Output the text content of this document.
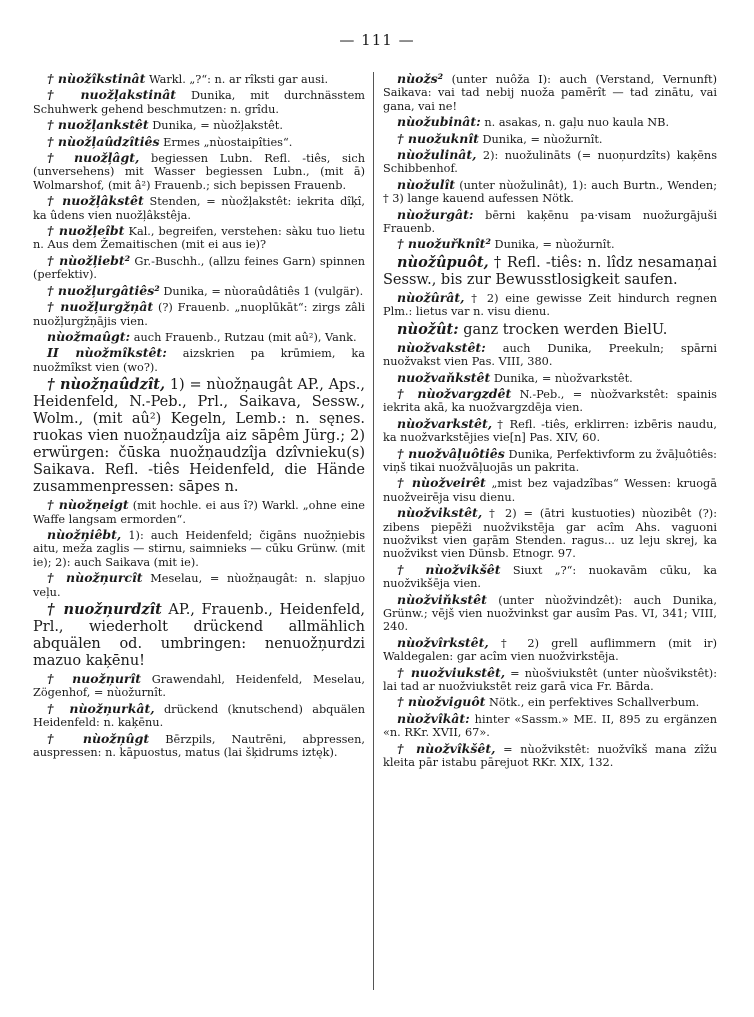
— 111 —

† nùožîkstinât Warkl. „?“: n. ar rîksti gar ausi.

† nuožļakstinât Dunika, mit durchnässtem Schuhwerk gehend beschmutzen: n. grîdu.

† nuožļankstêt Dunika, = nùožļakstêt.

† nùožļaûdzîtiês Ermes „nùostaipîties“.

† nuožļâgt, begiessen Lubn. Refl. -tiês, sich (unversehens) mit Wasser begiessen Lubn., (mit ā) Wolmarshof, (mit â²) Frauenb.; sich bepissen Frauenb.

† nuožļâkstêt Stenden, = nùožļakstêt: iekrita dîķî, ka ûdens vien nuožļâkstêja.

† nuožļeîbt Kal., begreifen, verstehen: sàku tuo lietu n. Aus dem Žemaitischen (mit ei aus ie)?

† nùožļiebt² Gr.-Buschh., (allzu feines Garn) spinnen (perfektiv).

† nuožļurgâtiês² Dunika, = nùoraûdâtiês 1 (vulgär).

† nuožļurgžņât (?) Frauenb. „nuoplūkāt“: zirgs zâli nuožļurgžņājis vien.

nùožmaûgt: auch Frauenb., Rutzau (mit aû²), Vank.

II nùožmîkstêt: aizskrien pa krūmiem, ka nuožmîkst vien (wo?).

† nùožņaûdzît, 1) = nùožņaugât AP., Aps., Heidenfeld, N.-Peb., Prl., Saikava, Sessw., Wolm., (mit aû²) Kegeln, Lemb.: n. sęnes. ruokas vien nuožņaudzîja aiz sāpêm Jürg.; 2) erwürgen: čūska nuožņaudzîja dzîvnieku(s) Saikava. Refl. -tiês Heidenfeld, die Hände zusammenpressen: sāpes n.

† nùožņeigt (mit hochle. ei aus î?) Warkl. „ohne eine Waffe langsam ermorden“.

nùožņiêbt, 1): auch Heidenfeld; čigāns nuožņiebis aitu, meža zaglis — stirnu, saimnieks — cūku Grünw. (mit ie); 2): auch Saikava (mit ie).

† nùožņurcît Meselau, = nùožņaugât: n. slapjuo veļu.

† nuožņurdzît AP., Frauenb., Heidenfeld, Prl., wiederholt drückend allmählich abquälen od. umbringen: nenuožņurdzi mazuo kaķēnu!

† nuožņurît Grawendahl, Heidenfeld, Meselau, Zögenhof, = nùožurnît.

† nùožņurkât, drückend (knutschend) abquälen Heidenfeld: n. kaķēnu.

† nùožņûgt Bērzpils, Nautrēni, abpressen, auspressen: n. kāpuostus, matus (lai šķidrums iztęk).

nùožs² (unter nuôža I): auch (Verstand, Vernunft) Saikava: vai tad nebij nuoža pamērît — tad zinātu, vai gana, vai ne!

nùožubinât: n. asakas, n. gaļu nuo kaula NB.

† nuožuknît Dunika, = nùožurnît.

nùožulinât, 2): nuožulināts (= nuoņurdzîts) kaķēns Schibbenhof.

nùožulît (unter nùožulinât), 1): auch Burtn., Wenden; † 3) lange kauend aufessen Nötk.

nùožurgât: bērni kaķēnu pa·visam nuožurgājuši Frauenb.

† nuožuřknît² Dunika, = nùožurnît.

nùožûpuôt, † Refl. -tiês: n. lîdz nesamaņai Sessw., bis zur Bewusstlosigkeit saufen.

nùožûrât, † 2) eine gewisse Zeit hindurch regnen Plm.: lietus var n. visu dienu.

nùožût: ganz trocken werden BielU.

nùožvakstêt: auch Dunika, Preekuln; spārni nuožvakst vien Pas. VIII, 380.

nuožvaňkstêt Dunika, = nùožvarkstêt.

† nùožvargzdêt N.-Peb., = nùožvarkstêt: spainis iekrita akā, ka nuožvargzdēja vien.

nùožvarkstêt, † Refl. -tiês, erklirren: izbēris naudu, ka nuožvarkstējies vie[n] Pas. XIV, 60.

† nuožvâļuôtiês Dunika, Perfektivform zu žvāļuôtiês: viņš tikai nuožvāļuojās un pakrita.

† nùožveirêt „mist bez vajadzîbas“ Wessen: kruogā nuožveirēja visu dienu.

nùožvikstêt, † 2) = (ātri kustuoties) nùozibêt (?): zibens piepēži nuožvikstēja gar acîm Ahs. vaguoni nuožvikst vien gaŗām Stenden. ragus... uz leju skrej, ka nuožvikst vien Dünsb. Etnogr. 97.

† nùožvikšêt Siuxt „?“: nuokavām cūku, ka nuožvikšēja vien.

nùožviňkstêt (unter nùožvindzêt): auch Dunika, Grünw.; vējš vien nuožvinkst gar ausîm Pas. VI, 341; VIII, 240.

nùožvîrkstêt, † 2) grell auflimmern (mit ir) Waldegalen: gar acîm vien nuožvirkstēja.

† nuožviukstêt, = nùošviukstêt (unter nùošvikstêt): lai tad ar nuožviukstēt reiz garā vica Fr. Bārda.

† nùožviguôt Nötk., ein perfektives Schallverbum.

nùožvîkât: hinter «Sassm.» ME. II, 895 zu ergänzen «n. RKr. XVII, 67».

† nùožvîkšêt, = nùožvikstêt: nuožvîkš mana zîžu kleita pār istabu pārejuot RKr. XIX, 132.
